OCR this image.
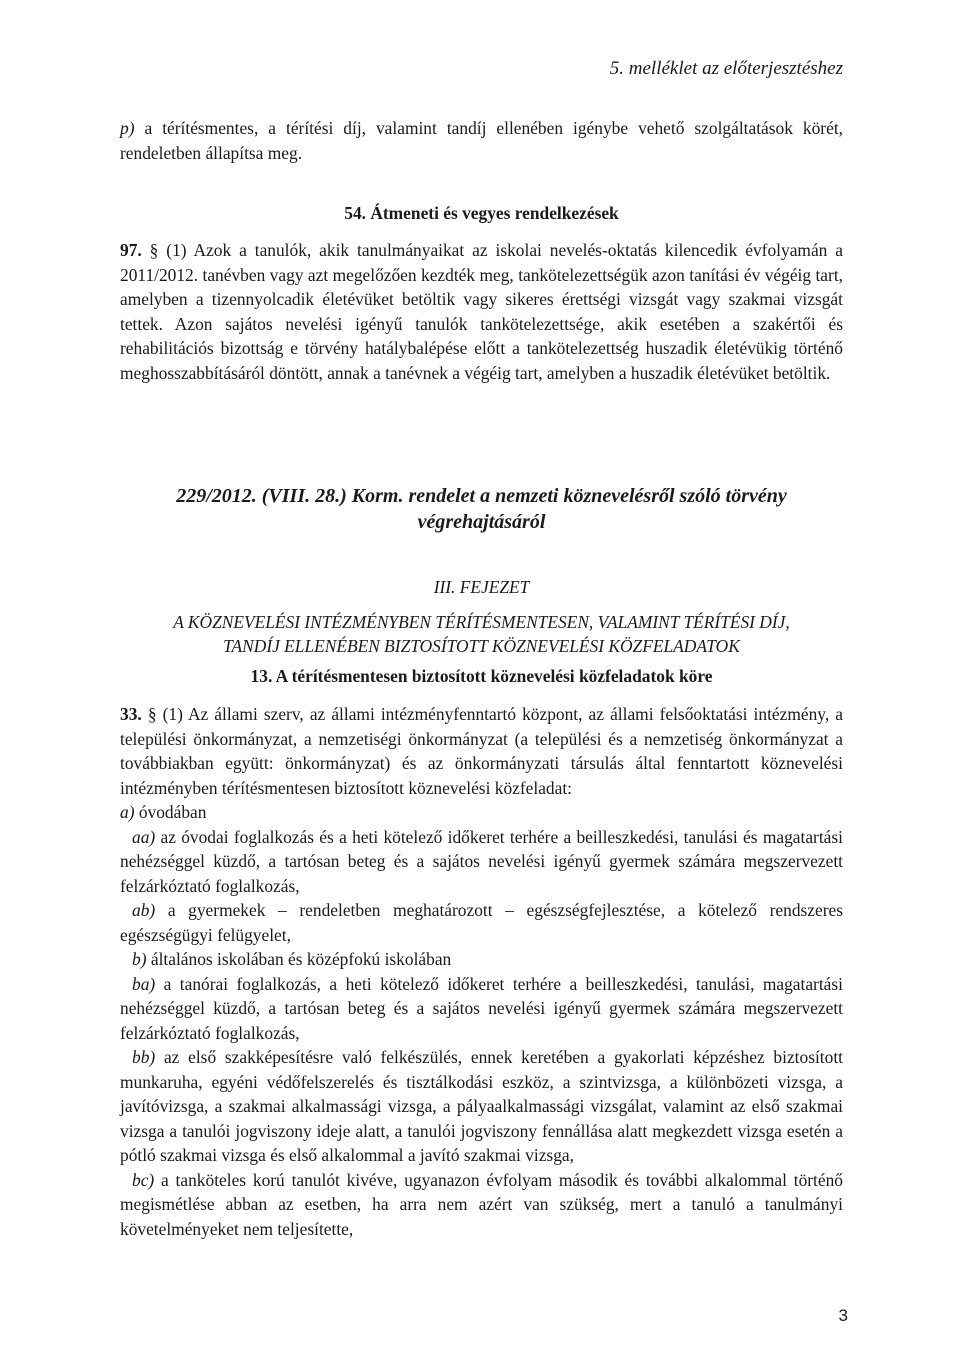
5. melléklet az előterjesztéshez

p) a térítésmentes, a térítési díj, valamint tandíj ellenében igénybe vehető szolgáltatások körét, rendeletben állapítsa meg.

54. Átmeneti és vegyes rendelkezések

97. § (1) Azok a tanulók, akik tanulmányaikat az iskolai nevelés-oktatás kilencedik évfolyamán a 2011/2012. tanévben vagy azt megelőzően kezdték meg, tankötelezettségük azon tanítási év végéig tart, amelyben a tizennyolcadik életévüket betöltik vagy sikeres érettségi vizsgát vagy szakmai vizsgát tettek. Azon sajátos nevelési igényű tanulók tankötelezettsége, akik esetében a szakértői és rehabilitációs bizottság e törvény hatálybalépése előtt a tankötelezettség huszadik életévükig történő meghosszabbításáról döntött, annak a tanévnek a végéig tart, amelyben a huszadik életévüket betöltik.

229/2012. (VIII. 28.) Korm. rendelet a nemzeti köznevelésről szóló törvény
végrehajtásáról
III. FEJEZET
A KÖZNEVELÉSI INTÉZMÉNYBEN TÉRÍTÉSMENTESEN, VALAMINT TÉRÍTÉSI DÍJ,
TANDÍJ ELLENÉBEN BIZTOSÍTOTT KÖZNEVELÉSI KÖZFELADATOK
13. A térítésmentesen biztosított köznevelési közfeladatok köre
33. § (1) Az állami szerv, az állami intézményfenntartó központ, az állami felsőoktatási intézmény, a települési önkormányzat, a nemzetiségi önkormányzat (a települési és a nemzetiség önkormányzat a továbbiakban együtt: önkormányzat) és az önkormányzati társulás által fenntartott köznevelési intézményben térítésmentesen biztosított köznevelési közfeladat:
a) óvodában
aa) az óvodai foglalkozás és a heti kötelező időkeret terhére a beilleszkedési, tanulási és magatartási nehézséggel küzdő, a tartósan beteg és a sajátos nevelési igényű gyermek számára megszervezett felzárkóztató foglalkozás,
ab) a gyermekek – rendeletben meghatározott – egészségfejlesztése, a kötelező rendszeres egészségügyi felügyelet,
b) általános iskolában és középfokú iskolában
ba) a tanórai foglalkozás, a heti kötelező időkeret terhére a beilleszkedési, tanulási, magatartási nehézséggel küzdő, a tartósan beteg és a sajátos nevelési igényű gyermek számára megszervezett felzárkóztató foglalkozás,
bb) az első szakképesítésre való felkészülés, ennek keretében a gyakorlati képzéshez biztosított munkaruha, egyéni védőfelszerelés és tisztálkodási eszköz, a szintvizsga, a különbözeti vizsga, a javítóvizsga, a szakmai alkalmassági vizsga, a pályaalkalmassági vizsgálat, valamint az első szakmai vizsga a tanulói jogviszony ideje alatt, a tanulói jogviszony fennállása alatt megkezdett vizsga esetén a pótló szakmai vizsga és első alkalommal a javító szakmai vizsga,
bc) a tanköteles korú tanulót kivéve, ugyanazon évfolyam második és további alkalommal történő megismétlése abban az esetben, ha arra nem azért van szükség, mert a tanuló a tanulmányi követelményeket nem teljesítette,
3
